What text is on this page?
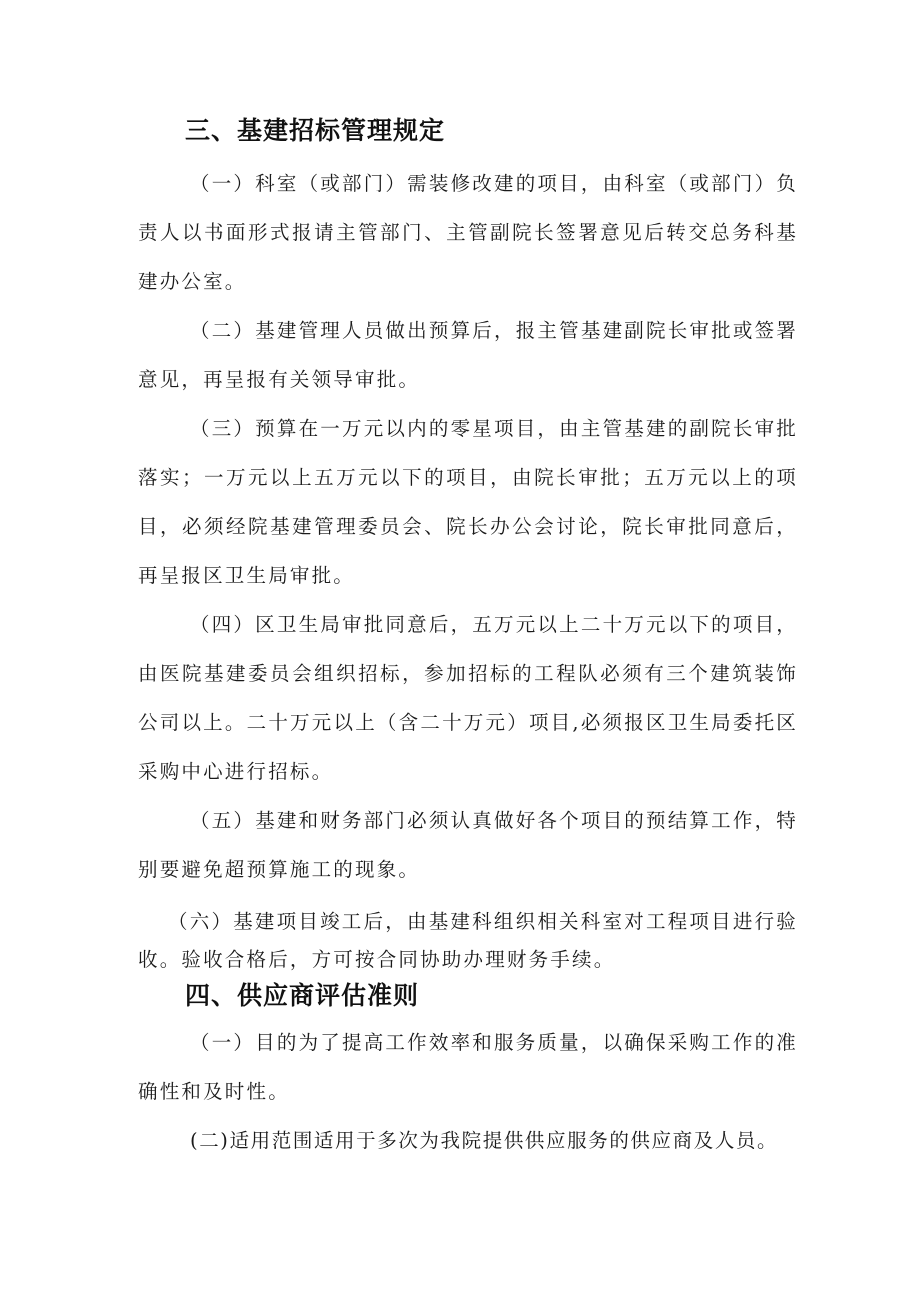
三、基建招标管理规定
（一）科室（或部门）需装修改建的项目，由科室（或部门）负责人以书面形式报请主管部门、主管副院长签署意见后转交总务科基建办公室。
（二）基建管理人员做出预算后，报主管基建副院长审批或签署意见，再呈报有关领导审批。
（三）预算在一万元以内的零星项目，由主管基建的副院长审批落实；一万元以上五万元以下的项目，由院长审批；五万元以上的项目，必须经院基建管理委员会、院长办公会讨论，院长审批同意后，再呈报区卫生局审批。
（四）区卫生局审批同意后，五万元以上二十万元以下的项目，由医院基建委员会组织招标，参加招标的工程队必须有三个建筑装饰公司以上。二十万元以上（含二十万元）项目,必须报区卫生局委托区采购中心进行招标。
（五）基建和财务部门必须认真做好各个项目的预结算工作，特别要避免超预算施工的现象。
（六）基建项目竣工后，由基建科组织相关科室对工程项目进行验收。验收合格后，方可按合同协助办理财务手续。
四、供应商评估准则
（一）目的为了提高工作效率和服务质量，以确保采购工作的准确性和及时性。
(二)适用范围适用于多次为我院提供供应服务的供应商及人员。
